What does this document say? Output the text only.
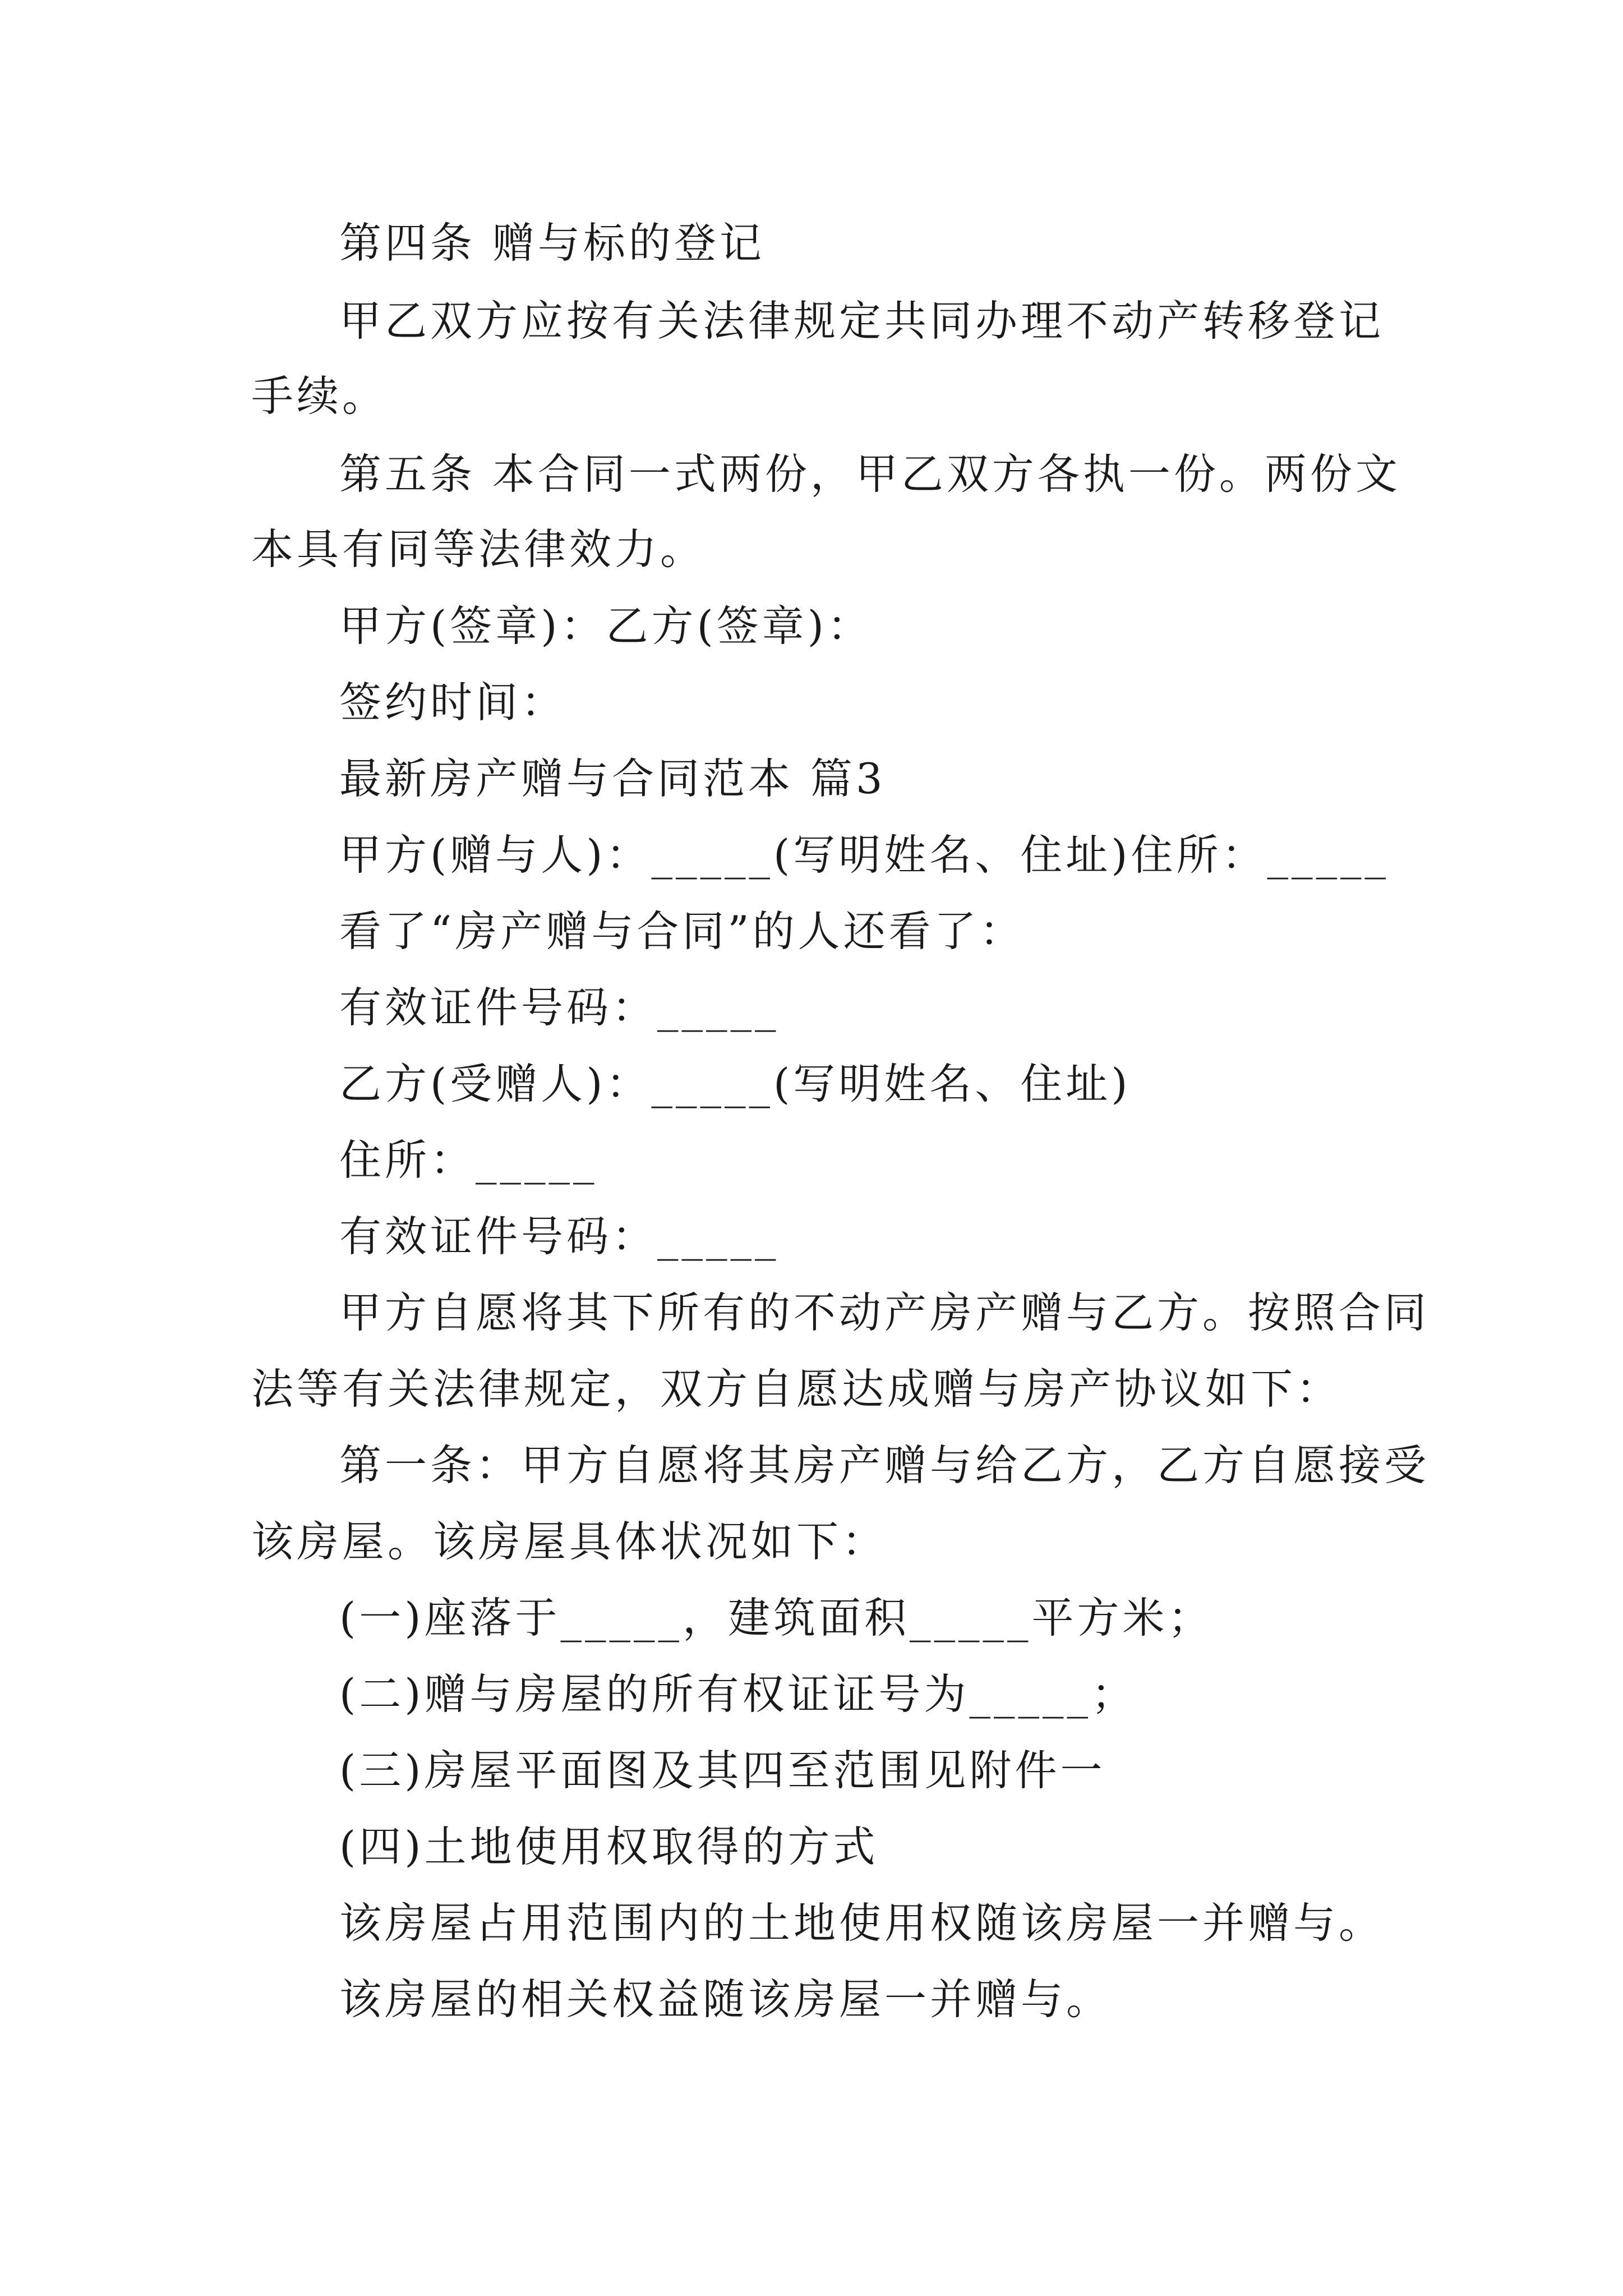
第四条 赠与标的登记
甲乙双方应按有关法律规定共同办理不动产转移登记
手续。
第五条 本合同一式两份，甲乙双方各执一份。两份文
本具有同等法律效力。
甲方(签章)：乙方(签章)：
签约时间：
最新房产赠与合同范本 篇3
甲方(赠与人)：_____(写明姓名、住址)住所：_____
看了“房产赠与合同”的人还看了：
有效证件号码：_____
乙方(受赠人)：_____(写明姓名、住址)
住所：_____
有效证件号码：_____
甲方自愿将其下所有的不动产房产赠与乙方。按照合同
法等有关法律规定，双方自愿达成赠与房产协议如下：
第一条：甲方自愿将其房产赠与给乙方，乙方自愿接受
该房屋。该房屋具体状况如下：
(一)座落于_____，建筑面积_____平方米；
(二)赠与房屋的所有权证证号为_____；
(三)房屋平面图及其四至范围见附件一
(四)土地使用权取得的方式
该房屋占用范围内的土地使用权随该房屋一并赠与。
该房屋的相关权益随该房屋一并赠与。
